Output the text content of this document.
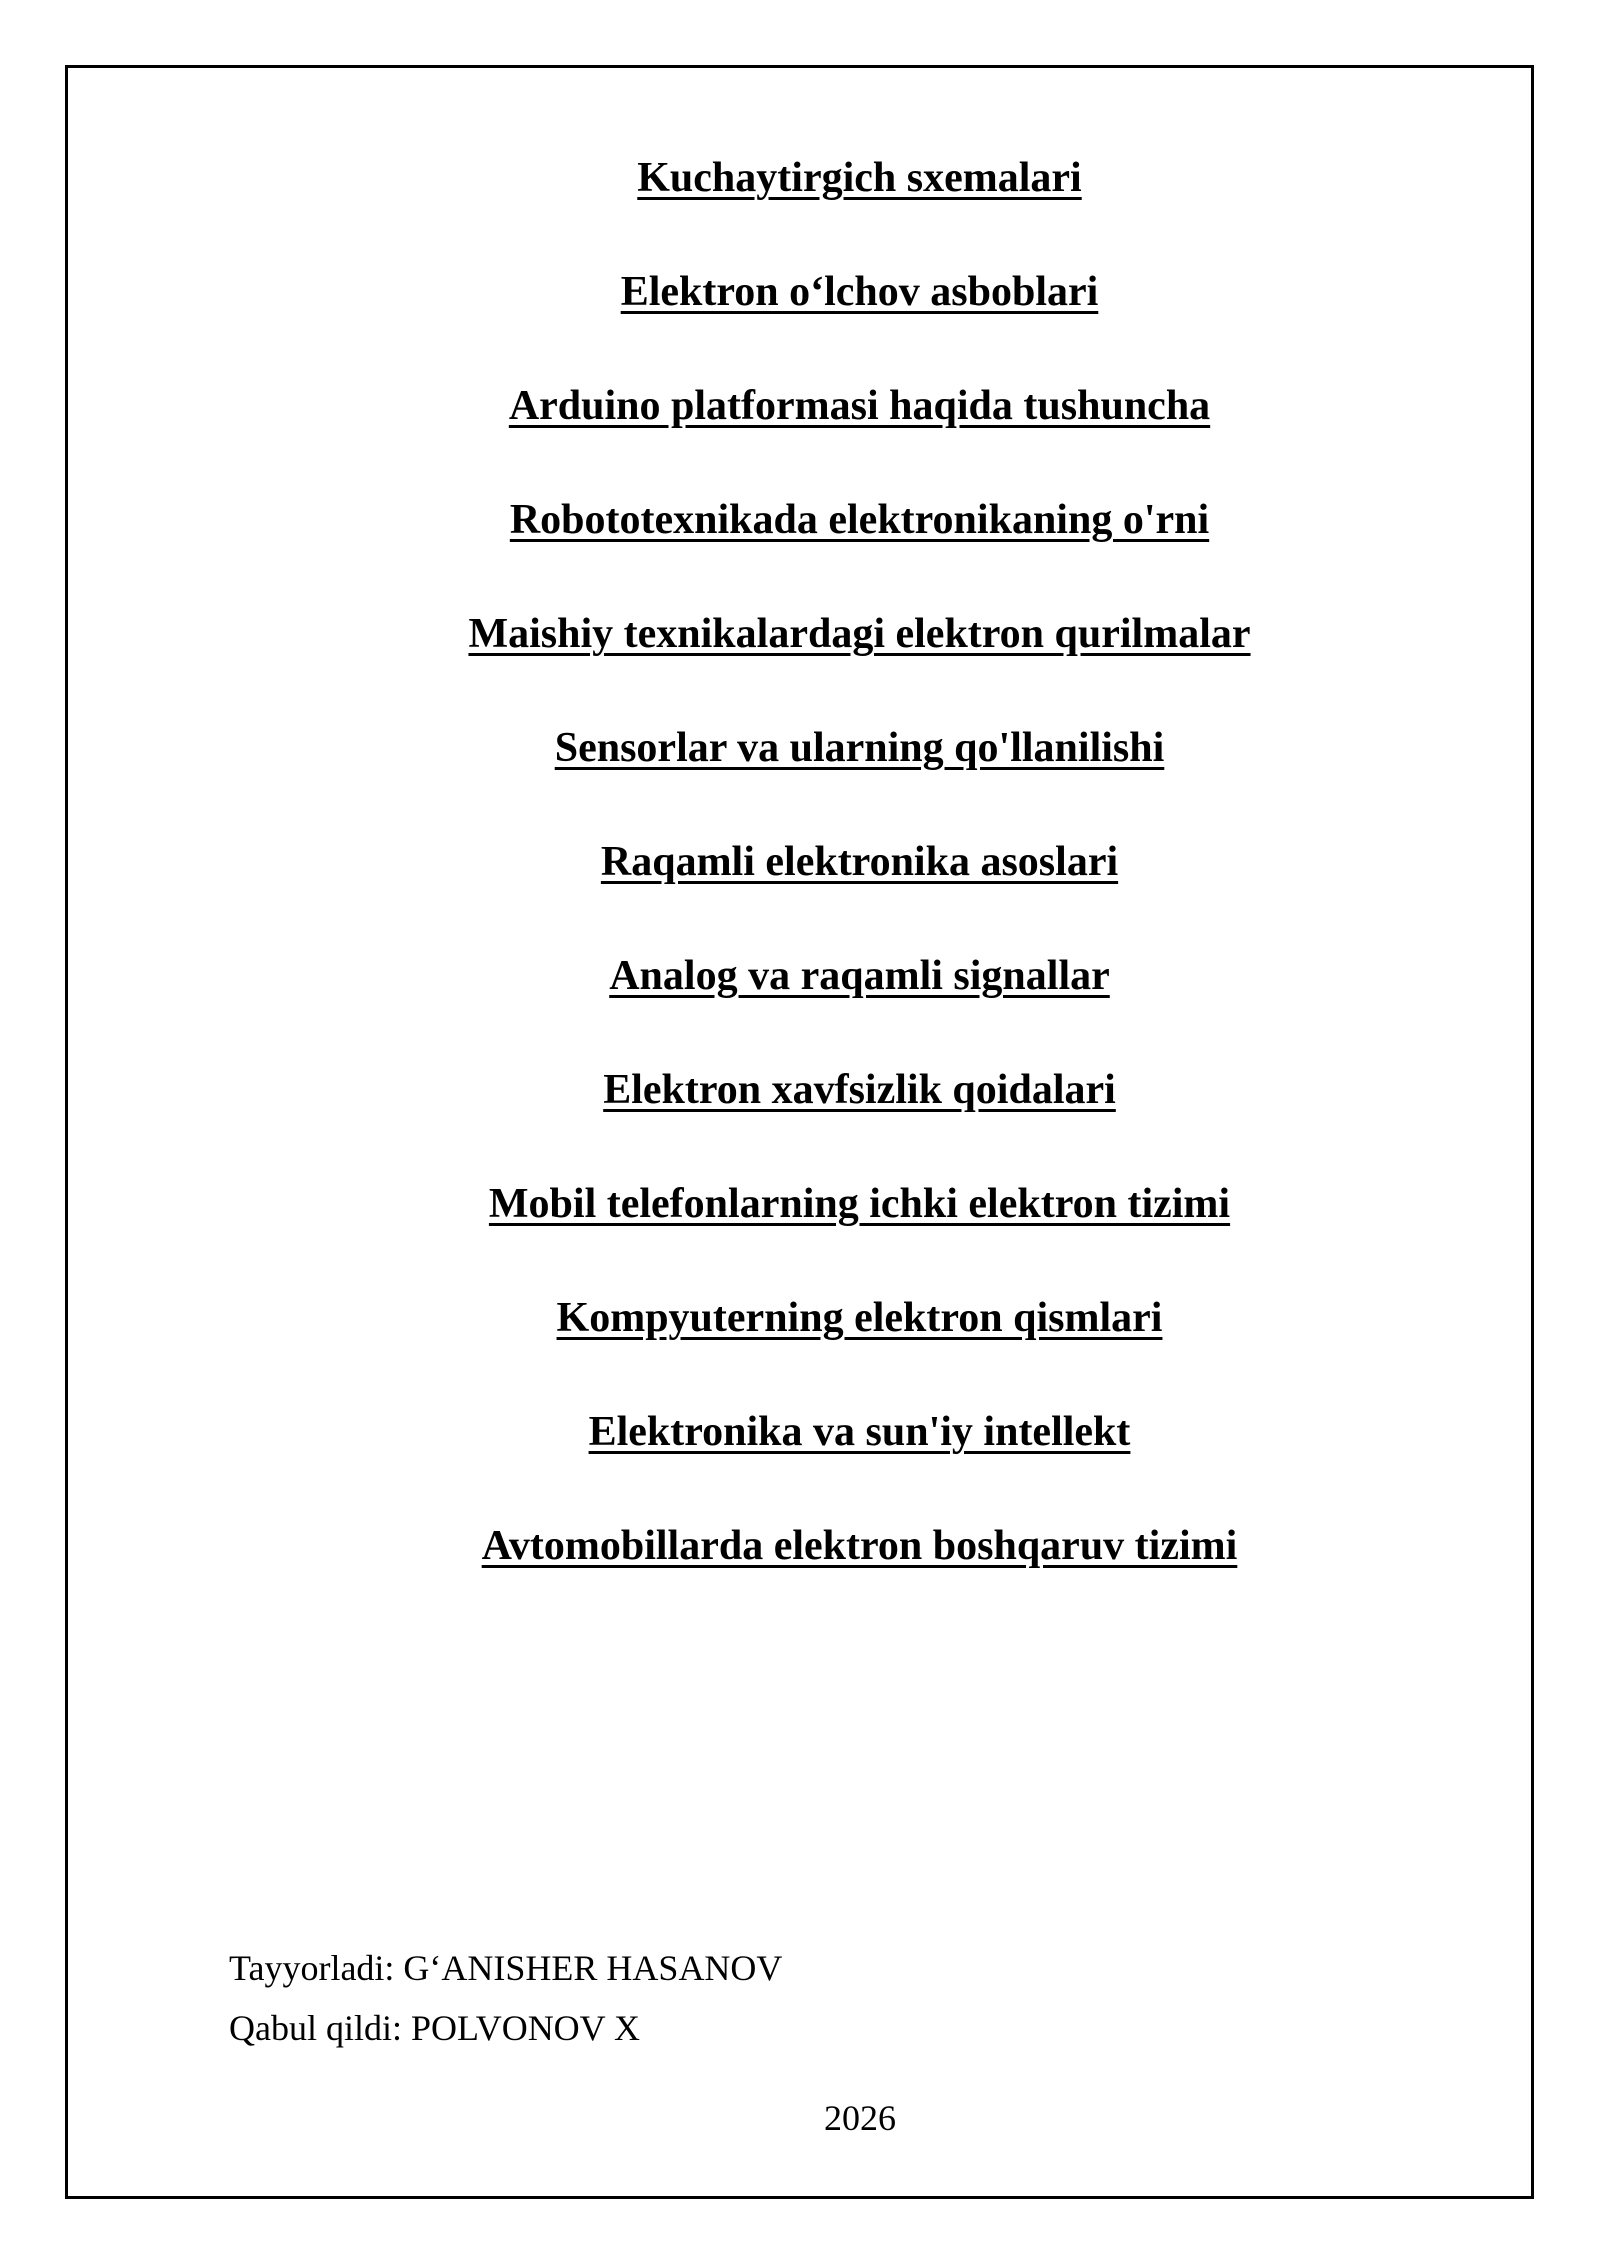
Kuchaytirgich sxemalari
Elektron o‘lchov asboblari
Arduino platformasi haqida tushuncha
Robototexnikada elektronikaning o'rni
Maishiy texnikalardagi elektron qurilmalar
Sensorlar va ularning qo'llanilishi
Raqamli elektronika asoslari
Analog va raqamli signallar
Elektron xavfsizlik qoidalari
Mobil telefonlarning ichki elektron tizimi
Kompyuterning elektron qismlari
Elektronika va sun'iy intellekt
Avtomobillarda elektron boshqaruv tizimi
Tayyorladi: G‘ANISHER HASANOV
Qabul qildi: POLVONOV X
2026
